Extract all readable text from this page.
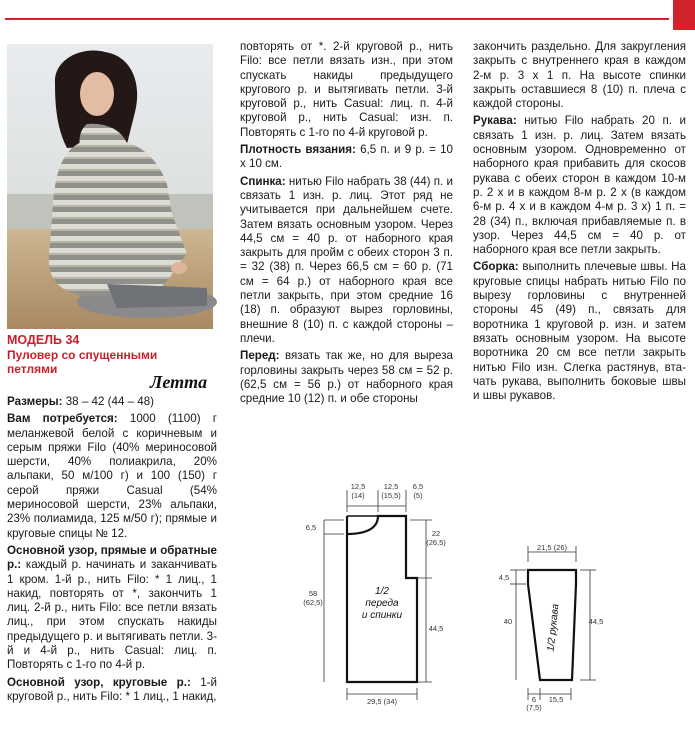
МОДЕЛЬ 34
Пуловер со спущенными
петлями
Летта

Размеры: 38 – 42 (44 – 48)

Вам потребуется: 1000 (1100) г меланжевой белой с коричневым и серым пряжи Filo (40% мериносовой шерсти, 40% полиакрила, 20% альпаки, 50 м/100 г) и 100 (150) г серой пряжи Casual (54% мериносовой шерсти, 23% альпаки, 23% полиамида, 125 м/50 г); прямые и круговые спицы № 12.

Основной узор, прямые и обратные р.: каждый р. начинать и заканчивать 1 кром. 1-й р., нить Filo: * 1 лиц., 1 накид, повторять от *, закончить 1 лиц. 2-й р., нить Filo: все петли вязать лиц., при этом спускать накиды предыдущего р. и вытягивать петли. 3-й и 4-й р., нить Casual: лиц. п. Повторять с 1-го по 4-й р.

Основной узор, круговые р.: 1-й круговой р., нить Filo: * 1 лиц., 1 накид,

повторять от *. 2-й круговой р., нить Filo: все петли вязать изн., при этом спускать накиды предыдущего кругового р. и вытягивать петли. 3-й круговой р., нить Casual: лиц. п. 4-й круговой р., нить Casual: изн. п. Повторять с 1-го по 4-й круговой р.

Плотность вязания: 6,5 п. и 9 р. = 10 х 10 см.

Спинка: нитью Filo набрать 38 (44) п. и связать 1 изн. р. лиц. Этот ряд не учитывается при дальнейшем счете. Затем вязать основным узором. Через 44,5 см = 40 р. от наборного края закрыть для пройм с обеих сторон 3 п. = 32 (38) п. Через 66,5 см = 60 р. (71 см = 64 р.) от наборного края все петли закрыть, при этом средние 16 (18) п. образуют вырез горловины, внешние 8 (10) п. с каждой стороны – плечи.

Перед: вязать так же, но для выреза горловины закрыть через 58 см = 52 р. (62,5 см = 56 р.) от наборного края средние 10 (12) п. и обе стороны

закончить раздельно. Для закругления закрыть с внутреннего края в каждом 2-м р. 3 х 1 п. На высоте спинки закрыть оставшиеся 8 (10) п. плеча с каждой стороны.

Рукава: нитью Filo набрать 20 п. и связать 1 изн. р. лиц. Затем вязать основным узором. Одновременно от наборного края прибавить для скосов рукава с обеих сторон в каждом 10-м р. 2 х и в каждом 8-м р. 2 х (в каждом 6-м р. 4 х и в каждом 4-м р. 3 х) 1 п. = 28 (34) п., включая прибавляемые п. в узор. Через 44,5 см = 40 р. от наборного края все петли закрыть.

Сборка: выполнить плечевые швы. На круговые спицы набрать нитью Filo по вырезу горловины с внутренней стороны 45 (49) п., связать для воротника 1 круговой р. изн. и затем вязать основным узором. На высоте воротника 20 см все петли закрыть нитью Filo изн. Слегка растянув, вта-чать рукава, выполнить боковые швы и швы рукавов.

12,5
(14)
12,5
(15,5)
6,5
(5)
6,5
58
(62,5)
22
(26,5)
44,5
29,5 (34)
1/2
переда
и спинки
21,5 (26)
4,5
40	44,5
6
(7,5)
15,5
1/2 рукава
